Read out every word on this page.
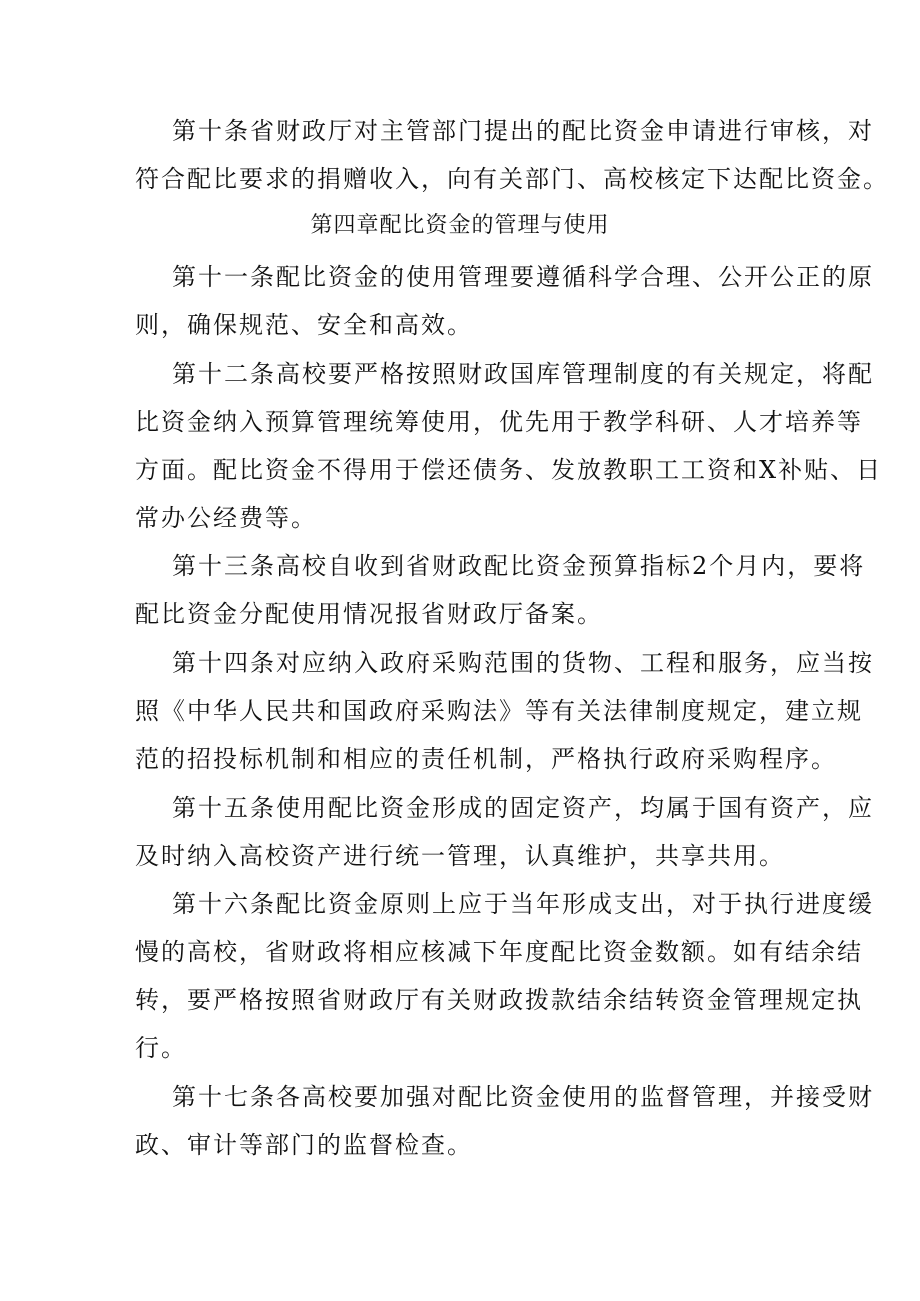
第十条省财政厅对主管部门提出的配比资金申请进行审核，对
符合配比要求的捐赠收入，向有关部门、高校核定下达配比资金。
第四章配比资金的管理与使用
第十一条配比资金的使用管理要遵循科学合理、公开公正的原
则，确保规范、安全和高效。
第十二条高校要严格按照财政国库管理制度的有关规定，将配
比资金纳入预算管理统筹使用，优先用于教学科研、人才培养等
方面。配比资金不得用于偿还债务、发放教职工工资和X补贴、日
常办公经费等。
第十三条高校自收到省财政配比资金预算指标2个月内，要将
配比资金分配使用情况报省财政厅备案。
第十四条对应纳入政府采购范围的货物、工程和服务，应当按
照《中华人民共和国政府采购法》等有关法律制度规定，建立规
范的招投标机制和相应的责任机制，严格执行政府采购程序。
第十五条使用配比资金形成的固定资产，均属于国有资产，应
及时纳入高校资产进行统一管理，认真维护，共享共用。
第十六条配比资金原则上应于当年形成支出，对于执行进度缓
慢的高校，省财政将相应核减下年度配比资金数额。如有结余结
转，要严格按照省财政厅有关财政拨款结余结转资金管理规定执
行。
第十七条各高校要加强对配比资金使用的监督管理，并接受财
政、审计等部门的监督检查。
